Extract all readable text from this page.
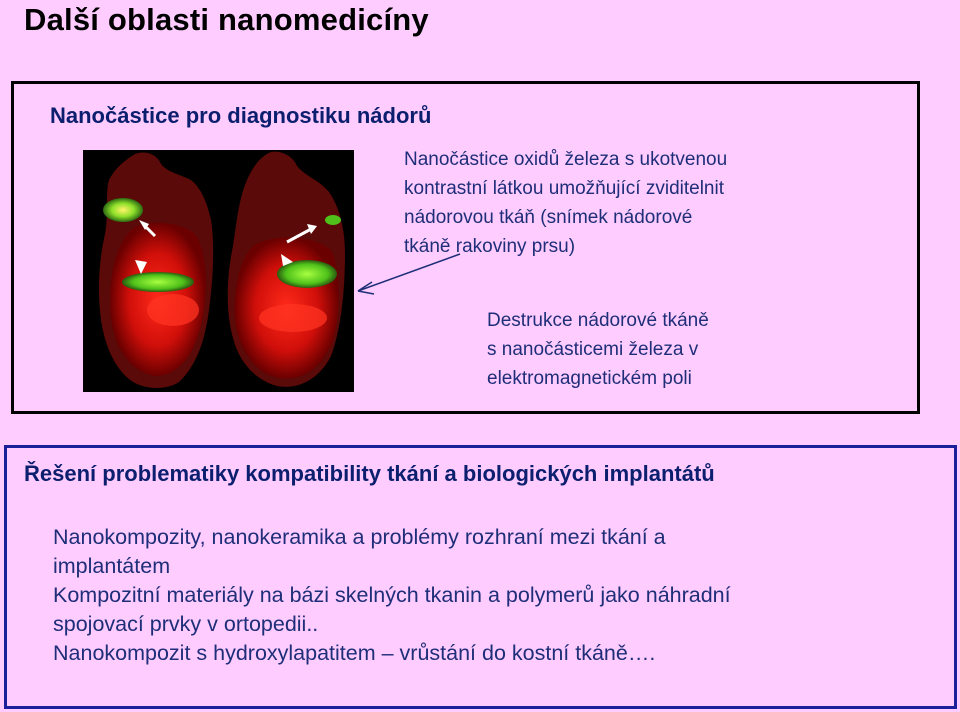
Další oblasti nanomedicíny
Nanočástice pro diagnostiku nádorů
Nanočástice oxidů železa s ukotvenou
kontrastní látkou umožňující zviditelnit
nádorovou tkáň (snímek nádorové
tkáně rakoviny prsu)
Destrukce nádorové tkáně
s nanočásticemi železa v
elektromagnetickém poli
Řešení problematiky kompatibility tkání a biologických implantátů
Nanokompozity, nanokeramika a problémy rozhraní mezi tkání a
implantátem
Kompozitní materiály na bázi skelných tkanin a polymerů jako náhradní
spojovací prvky v ortopedii..
Nanokompozit s hydroxylapatitem – vrůstání do kostní tkáně….
